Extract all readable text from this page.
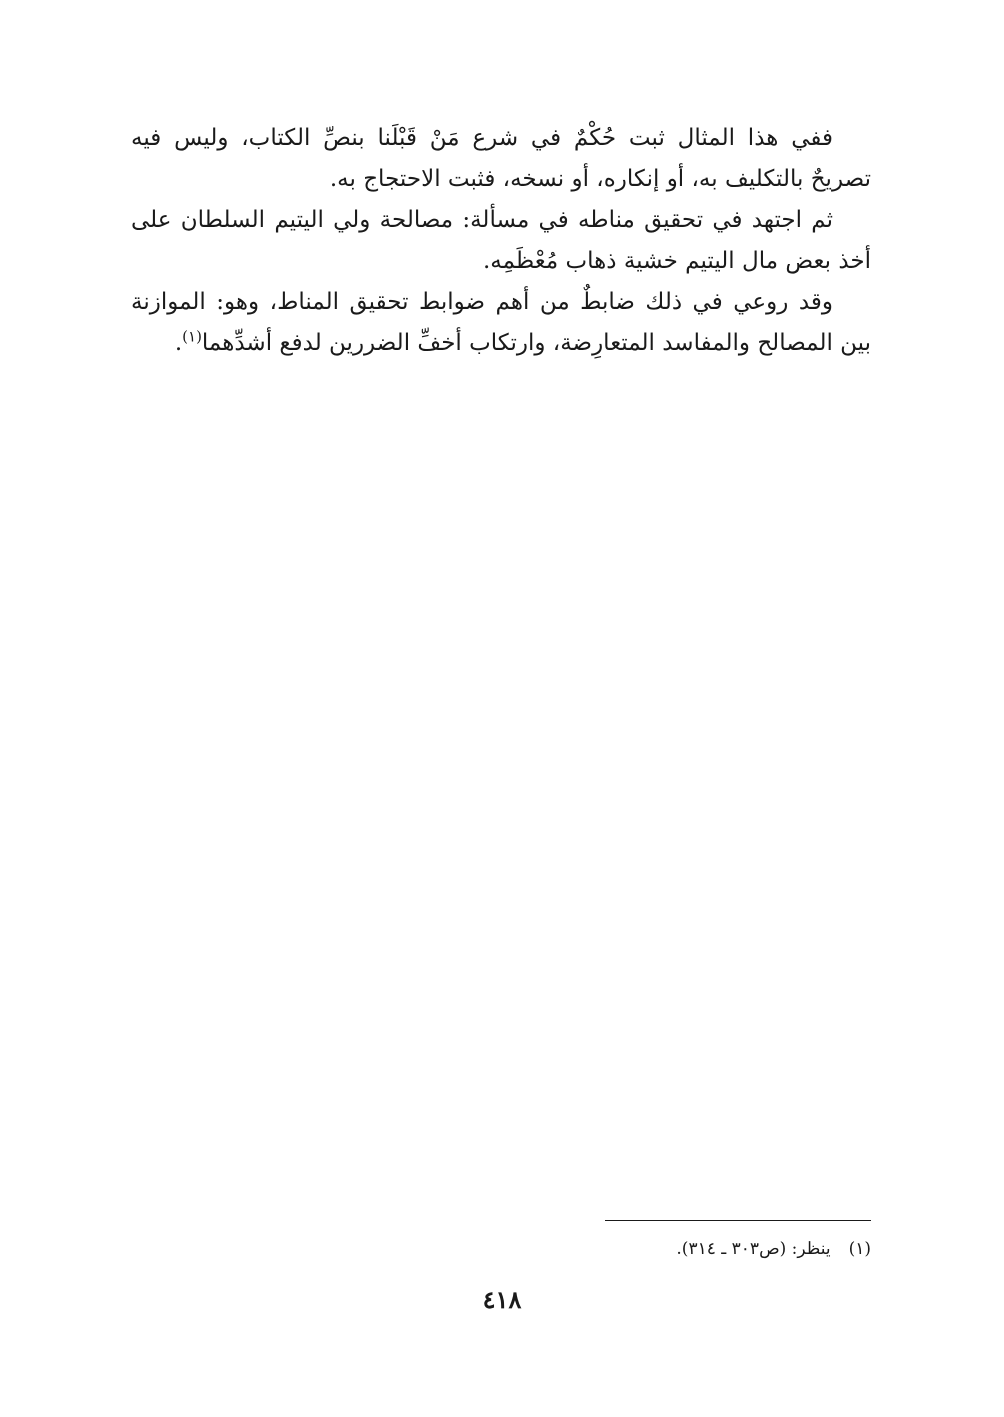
ففي هذا المثال ثبت حُكْمٌ في شرع مَنْ قَبْلَنا بنصِّ الكتاب، وليس فيه تصريحٌ بالتكليف به، أو إنكاره، أو نسخه، فثبت الاحتجاج به.

ثم اجتهد في تحقيق مناطه في مسألة: مصالحة ولي اليتيم السلطان على أخذ بعض مال اليتيم خشية ذهاب مُعْظَمِه.

وقد روعي في ذلك ضابطٌ من أهم ضوابط تحقيق المناط، وهو: الموازنة بين المصالح والمفاسد المتعارِضة، وارتكاب أخفِّ الضررين لدفع أشدِّهما$^{(١)}$.

(١)ينظر: (ص٣٠٣ ـ ٣١٤).
٤١٨
